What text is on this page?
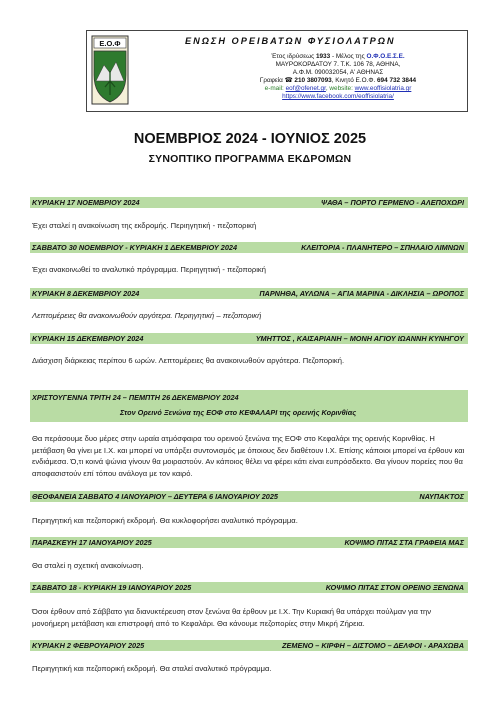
Ε.Ο.Φ	ΕΝΩΣΗ ΟΡΕΙΒΑΤΩΝ ΦΥΣΙΟΛΑΤΡΩΝ
Έτος ιδρύσεως 1933 - Μέλος της Ο.Φ.Ο.Ε.Σ.Ε.
ΜΑΥΡΟΚΟΡΔΑΤΟΥ 7. Τ.Κ. 106 78, ΑΘΗΝΑ,
Α.Φ.Μ. 090032054, Α' ΑΘΗΝΑΣ
Γραφεία ☎ 210 3807093, Κινητό Ε.Ο.Φ. 694 732 3844
e-mail: eof@ofenet.gr, website: www.eoffisiolatria.gr
https://www.facebook.com/eoffisiolatria/
ΝΟΕΜΒΡΙΟΣ 2024 - ΙΟΥΝΙΟΣ 2025
ΣΥΝΟΠΤΙΚΟ ΠΡΟΓΡΑΜΜΑ ΕΚΔΡΟΜΩΝ
ΚΥΡΙΑΚΗ 17 ΝΟΕΜΒΡΙΟΥ 2024	ΨΑΘΑ – ΠΟΡΤΟ ΓΕΡΜΕΝΟ - ΑΛΕΠΟΧΩΡΙ
Έχει σταλεί η ανακοίνωση της εκδρομής. Περιηγητική - πεζοπορική
ΣΑΒΒΑΤΟ 30 ΝΟΕΜΒΡΙΟΥ - ΚΥΡΙΑΚΗ 1 ΔΕΚΕΜΒΡΙΟΥ 2024	ΚΛΕΙΤΟΡΙΑ - ΠΛΑΝΗΤΕΡΟ – ΣΠΗΛΑΙΟ ΛΙΜΝΩΝ
Έχει ανακοινωθεί το αναλυτικό πρόγραμμα. Περιηγητική - πεζοπορική
ΚΥΡΙΑΚΗ 8 ΔΕΚΕΜΒΡΙΟΥ 2024	ΠΑΡΝΗΘΑ, ΑΥΛΩΝΑ – ΑΓΙΑ ΜΑΡΙΝΑ - ΔΙΚΛΗΣΙΑ – ΩΡΟΠΟΣ
Λεπτομέρειες θα ανακοινωθούν αργότερα. Περιηγητική – πεζοπορική
ΚΥΡΙΑΚΗ 15 ΔΕΚΕΜΒΡΙΟΥ 2024	ΥΜΗΤΤΟΣ , ΚΑΙΣΑΡΙΑΝΗ – ΜΟΝΗ ΑΓΙΟΥ ΙΩΑΝΝΗ ΚΥΝΗΓΟΥ
Διάσχιση διάρκειας περίπου 6 ωρών. Λεπτομέρειες θα ανακοινωθούν αργότερα. Πεζοπορική.
ΧΡΙΣΤΟΥΓΕΝΝΑ ΤΡΙΤΗ 24 – ΠΕΜΠΤΗ 26 ΔΕΚΕΜΒΡΙΟΥ 2024
Στον Ορεινό Ξενώνα της ΕΟΦ στο ΚΕΦΑΛΑΡΙ της ορεινής Κορινθίας
Θα περάσουμε δυο μέρες στην ωραία ατμόσφαιρα του ορεινού ξενώνα της ΕΟΦ στο Κεφαλάρι της ορεινής Κορινθίας. Η μετάβαση θα γίνει με Ι.Χ. και μπορεί να υπάρξει συντονισμός με όποιους δεν διαθέτουν Ι.Χ. Επίσης κάποιοι μπορεί να έρθουν και ενδιάμεσα. Ό,τι κοινά ψώνια γίνουν θα μοιραστούν. Αν κάποιος θέλει να φέρει κάτι είναι ευπρόσδεκτο. Θα γίνουν πορείες που θα αποφασιστούν επί τόπου ανάλογα με τον καιρό.
ΘΕΟΦΑΝΕΙΑ ΣΑΒΒΑΤΟ 4 ΙΑΝΟΥΑΡΙΟΥ – ΔΕΥΤΕΡΑ 6 ΙΑΝΟΥΑΡΙΟΥ 2025	ΝΑΥΠΑΚΤΟΣ
Περιηγητική και πεζοπορική εκδρομή. Θα κυκλοφορήσει αναλυτικό πρόγραμμα.
ΠΑΡΑΣΚΕΥΗ 17 ΙΑΝΟΥΑΡΙΟΥ 2025	ΚΟΨΙΜΟ ΠΙΤΑΣ ΣΤΑ ΓΡΑΦΕΙΑ ΜΑΣ
Θα σταλεί η σχετική ανακοίνωση.
ΣΑΒΒΑΤΟ 18 - ΚΥΡΙΑΚΗ 19 ΙΑΝΟΥΑΡΙΟΥ 2025	ΚΟΨΙΜΟ ΠΙΤΑΣ ΣΤΟΝ ΟΡΕΙΝΟ ΞΕΝΩΝΑ
Όσοι έρθουν από Σάββατο για διανυκτέρευση στον ξενώνα θα έρθουν με Ι.Χ. Την Κυριακή θα υπάρχει πούλμαν για την μονοήμερη μετάβαση και επιστροφή από το Κεφαλάρι. Θα κάνουμε πεζοπορίες στην Μικρή Ζήρεια.
ΚΥΡΙΑΚΗ 2 ΦΕΒΡΟΥΑΡΙΟΥ 2025	ΖΕΜΕΝΟ – ΚΙΡΦΗ – ΔΙΣΤΟΜΟ – ΔΕΛΦΟΙ - ΑΡΑΧΩΒΑ
Περιηγητική και πεζοπορική εκδρομή. Θα σταλεί αναλυτικό πρόγραμμα.
